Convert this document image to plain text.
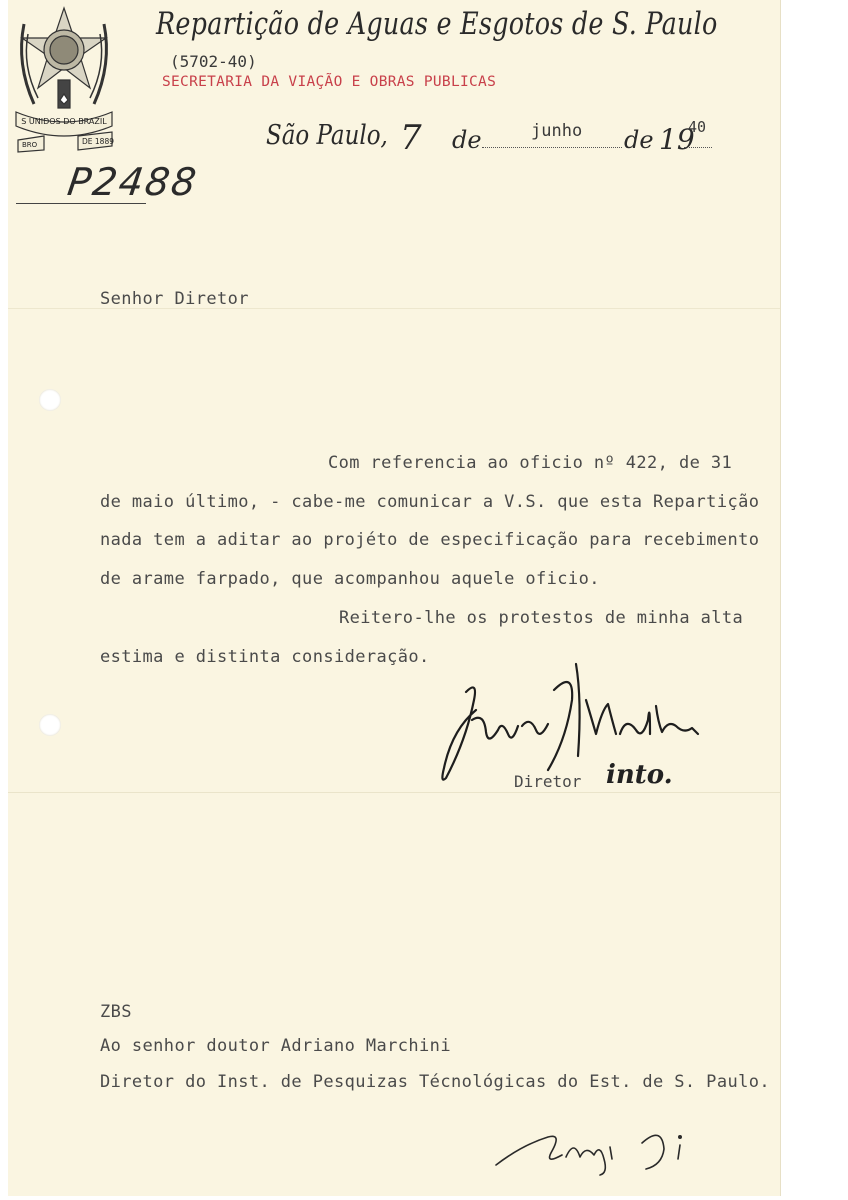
S UNIDOS DO BRAZIL
BRO	DE 1889
Repartição de Aguas e Esgotos de S. Paulo
(5702-40)
SECRETARIA DA VIAÇÃO E OBRAS PUBLICAS
São Paulo, 7 de	junho de 19
40
P2488
Senhor Diretor
Com referencia ao oficio nº 422, de 31
de maio último, - cabe-me comunicar a V.S. que esta Repartição
nada tem a aditar ao projéto de especificação para recebimento
de arame farpado, que acompanhou aquele oficio.
Reitero-lhe os protestos de minha alta
estima e distinta consideração.
Diretor into.
ZBS
Ao senhor doutor Adriano Marchini
Diretor do Inst. de Pesquizas Técnológicas do Est. de S. Paulo.
